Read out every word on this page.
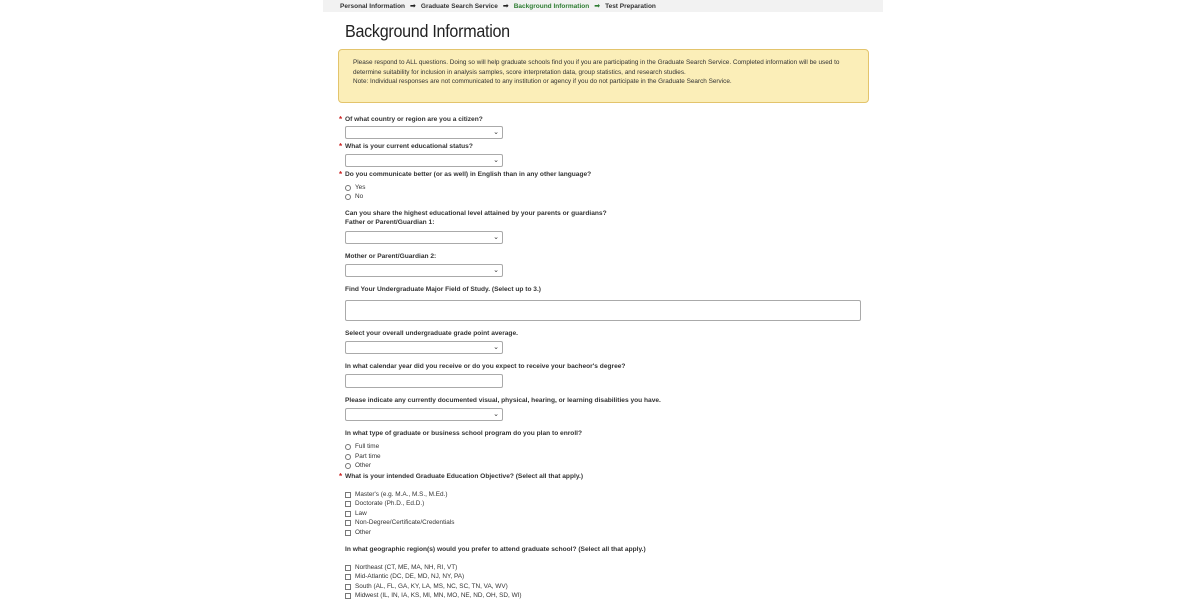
Personal Information ➡ Graduate Search Service ➡ Background Information ➡ Test Preparation
Background Information
Please respond to ALL questions. Doing so will help graduate schools find you if you are participating in the Graduate Search Service. Completed information will be used to determine suitability for inclusion in analysis samples, score interpretation data, group statistics, and research studies.
Note: Individual responses are not communicated to any institution or agency if you do not participate in the Graduate Search Service.
* Of what country or region are you a citizen?
⌄
* What is your current educational status?
⌄
* Do you communicate better (or as well) in English than in any other language?
Yes
No
Can you share the highest educational level attained by your parents or guardians?
Father or Parent/Guardian 1:
⌄
Mother or Parent/Guardian 2:
⌄
Find Your Undergraduate Major Field of Study. (Select up to 3.)
Select your overall undergraduate grade point average.
⌄
In what calendar year did you receive or do you expect to receive your bacheor's degree?
Please indicate any currently documented visual, physical, hearing, or learning disabilities you have.
⌄
In what type of graduate or business school program do you plan to enroll?
Full time
Part time
Other
* What is your intended Graduate Education Objective? (Select all that apply.)
Master's (e.g. M.A., M.S., M.Ed.)
Doctorate (Ph.D., Ed.D.)
Law
Non-Degree/Certificate/Credentials
Other
In what geographic region(s) would you prefer to attend graduate school? (Select all that apply.)
Northeast (CT, ME, MA, NH, RI, VT)
Mid-Atlantic (DC, DE, MD, NJ, NY, PA)
South (AL, FL, GA, KY, LA, MS, NC, SC, TN, VA, WV)
Midwest (IL, IN, IA, KS, MI, MN, MO, NE, ND, OH, SD, WI)
